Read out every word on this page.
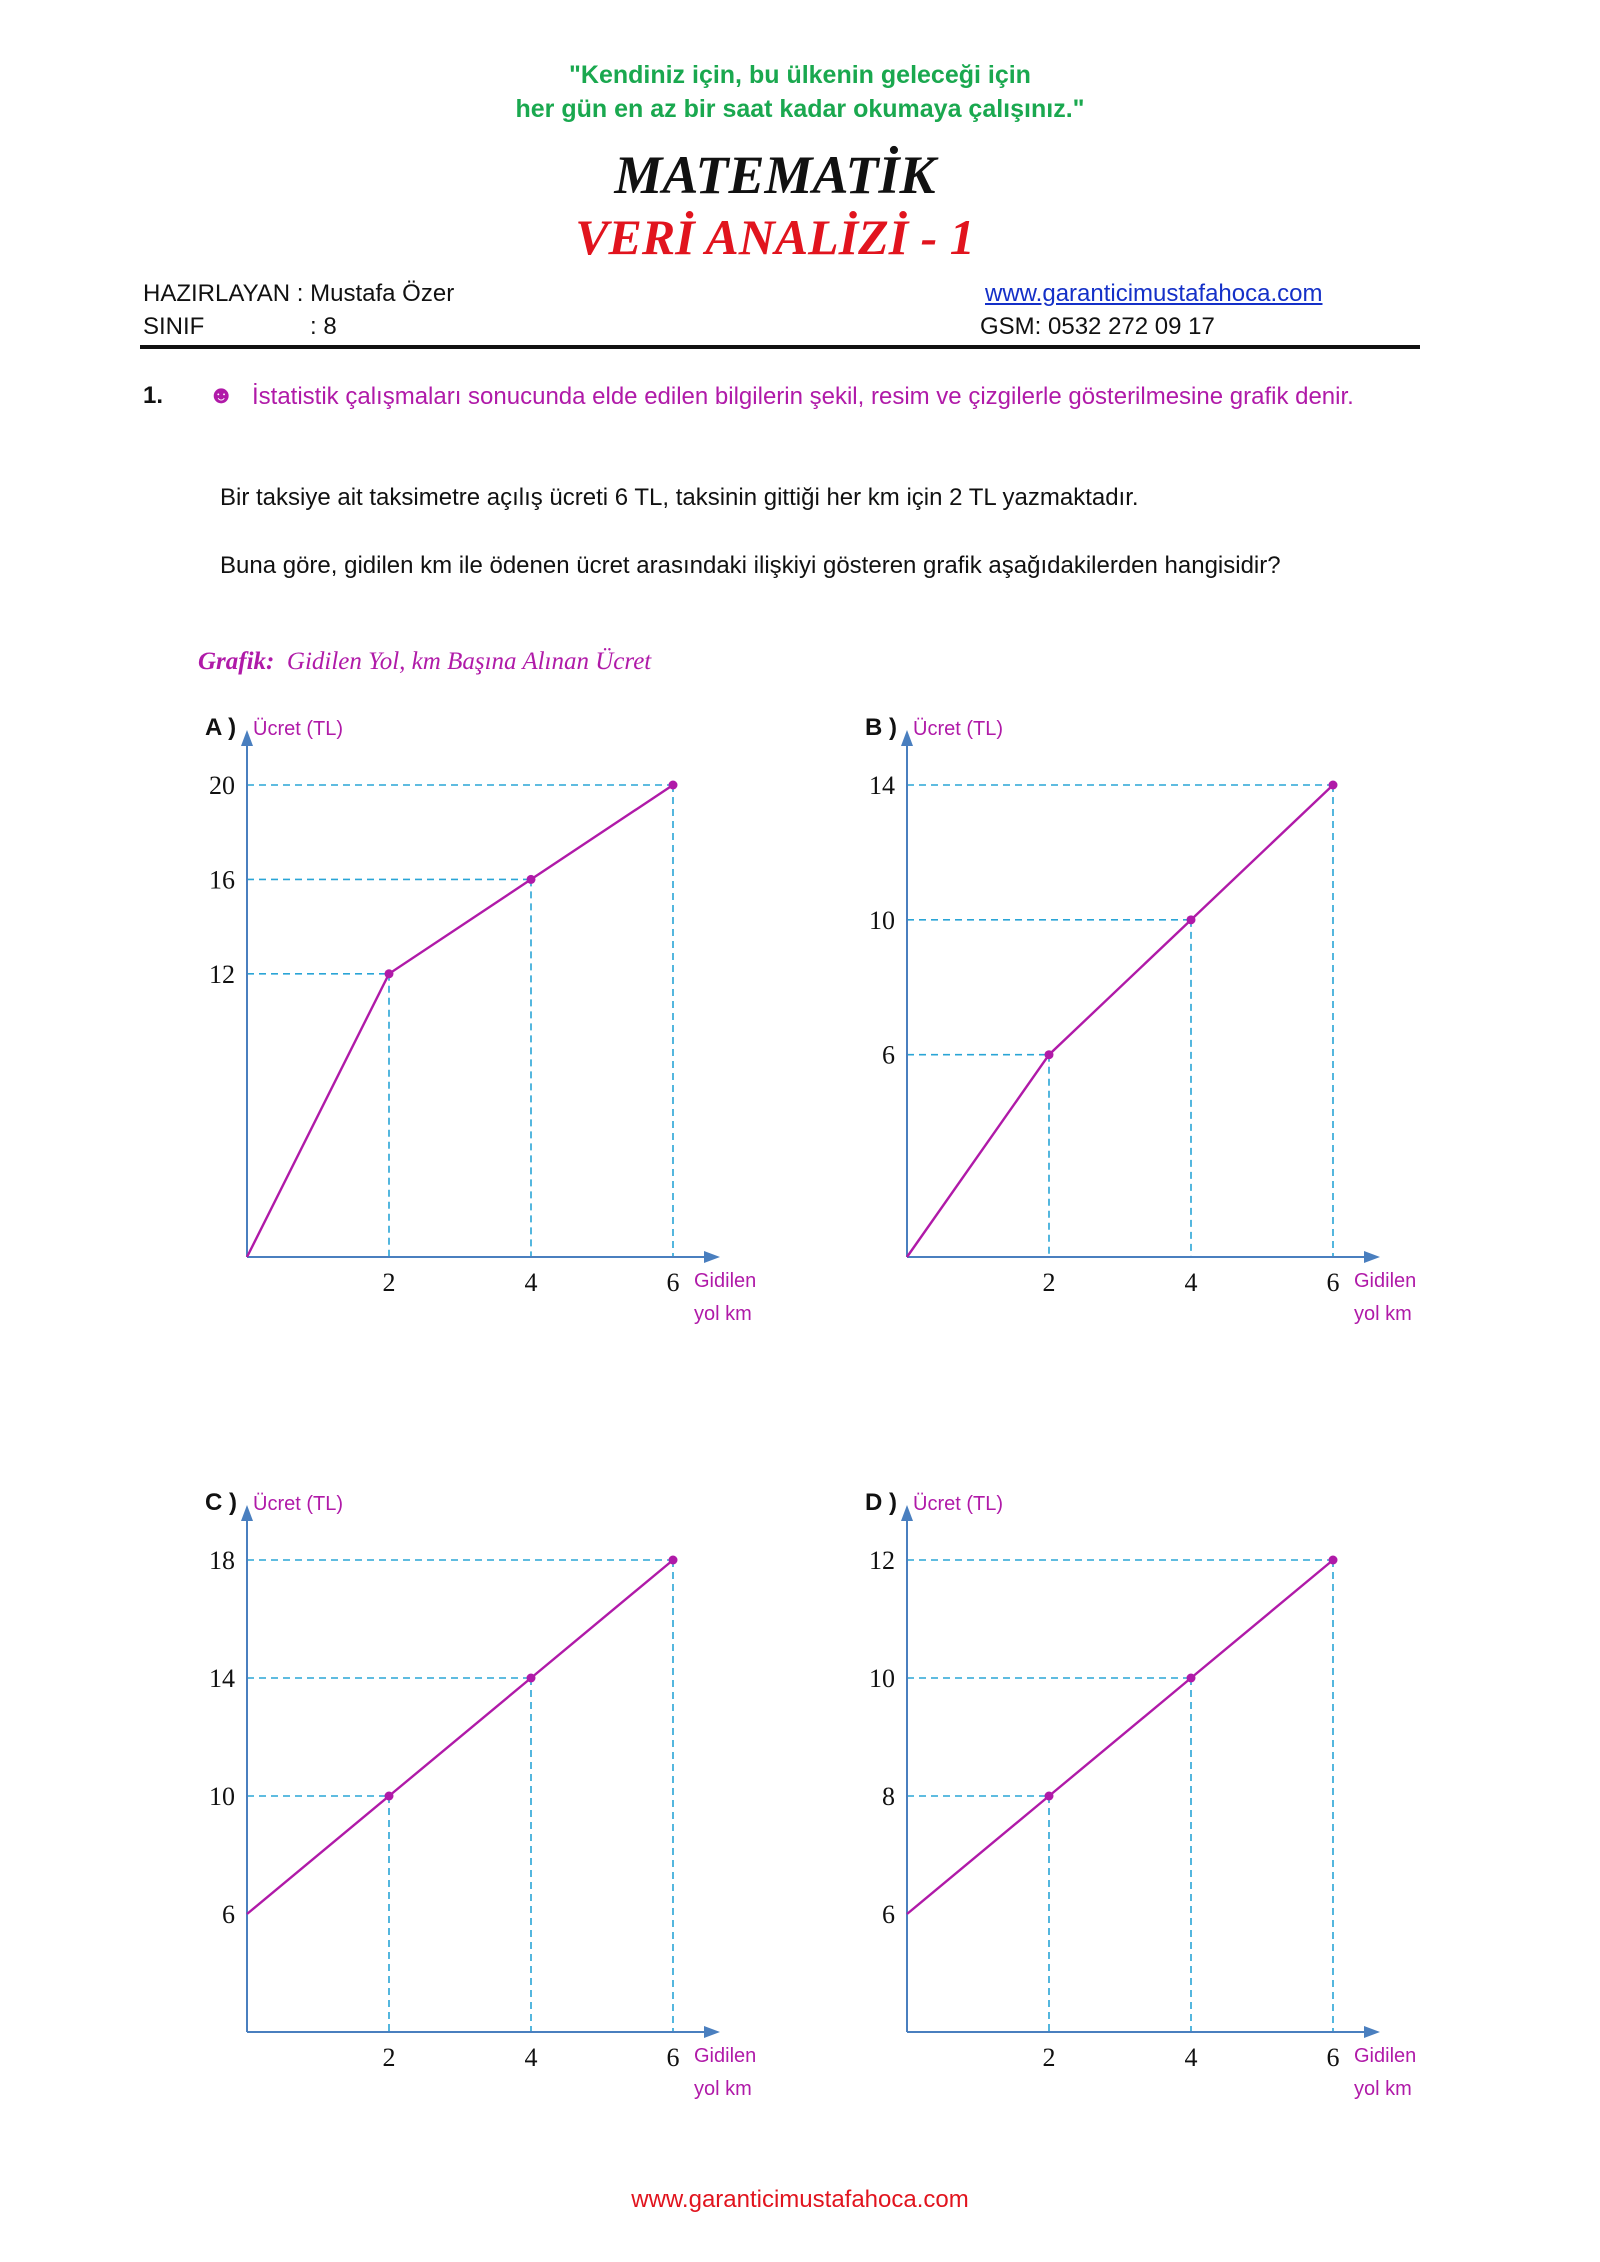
"Kendiniz için, bu ülkenin geleceği için
her gün en az bir saat kadar okumaya çalışınız."
MATEMATİK
VERİ ANALİZİ - 1
HAZIRLAYAN : Mustafa Özer	www.garanticimustafahoca.com
SINIF	: 8	GSM: 0532 272 09 17
1. ☻ İstatistik çalışmaları sonucunda elde edilen bilgilerin şekil, resim ve çizgilerle gösterilmesine grafik denir.
Bir taksiye ait taksimetre açılış ücreti 6 TL, taksinin gittiği her km için 2 TL yazmaktadır.
Buna göre, gidilen km ile ödenen ücret arasındaki ilişkiyi gösteren grafik aşağıdakilerden hangisidir?
Grafik: Gidilen Yol, km Başına Alınan Ücret
12
16
20
2	4	6
A ) Ücret (TL)
Gidilen
yol km
6
10
14
2	4	6
B ) Ücret (TL)
Gidilen
yol km
6
10
14
18
2	4	6
C ) Ücret (TL)
Gidilen
yol km
6
8
10
12
2	4	6
D ) Ücret (TL)
Gidilen
yol km
www.garanticimustafahoca.com
